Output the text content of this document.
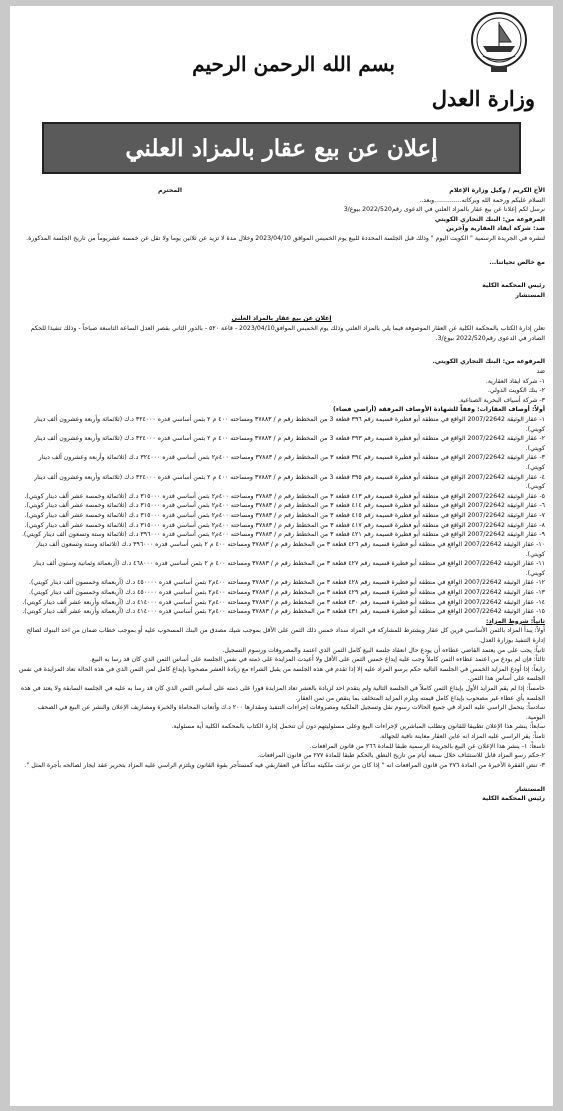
بسم الله الرحمن الرحيم
وزارة العدل
إعلان عن بيع عقار بالمزاد العلني

الأخ الكريم / وكيل وزارة الإعلام

المحترم

السلام عليكم ورحمة الله وبركاته..............وبعد..

نرسل لكم إعلانا عن بيع عقار بالمزاد العلني في الدعوى رقم2022/520 بيوع/3

المرفوعة من: البنك التجاري الكويتي

ضد: شركة ايفاد العقارية وآخرين

لنشره في الجريدة الرسمية " الكويت اليوم " وذلك قبل الجلسة المحددة للبيع يوم الخميس الموافق 2023/04/10 وخلال مدة لا تزيد عن ثلاثين يوما ولا تقل عن خمسة عشريوماً من تاريخ الجلسة المذكورة.

مع خالص تحياتنا...

رئيس المحكمة الكلية

المستشار

إعلان عن بيع عقار بالمزاد العلني

تعلن إدارة الكتاب بالمحكمة الكلية عن العقار الموصوفة فيما يلي بالمزاد العلني وذلك يوم الخميس الموافق2023/04/10 - قاعة ٥٢٠ - بالدور الثاني بقصر العدل الساعة التاسعة صباحاً - وذلك تنفيذا للحكم الصادر في الدعوى رقم2022/520 بيوع/3.

المرفوعة من: البنك التجاري الكويتي.

ضد

١- شركة ايفاد العقارية.

٢- بنك الكويت الدولي.

٣- شركة أسياف البحرية الصناعية.

أولاً: أوصاف العقارات: وفقاً للشهادة الأوصاف المرفقة (أراضي فضاء)

١- عقار الوثيقة 2007/22642 الواقع في منطقة أبو فطيرة قسيمة رقم ٣٩٦ قطعة 3 من المخطط رقم م / ٣٧٨٨٣ ومساحته ٤٠٠ م ٢ بثمن أساسي قدره ٣٢٤٠٠٠ د.ك (ثلاثمائة وأربعة وعشرون ألف دينار كويتي).

٢- عقار الوثيقة 2007/22642 الواقع في منطقة أبو فطيرة قسيمة رقم ٣٩٣ قطعة 3 من المخطط رقم م / ٣٧٨٨٣ ومساحته ٤٠٠ م ٢ بثمن أساسي قدره ٣٢٤٠٠٠ د.ك (ثلاثمائة وأربعة وعشرون ألف دينار كويتي).

٣- عقار الوثيقة 2007/22642 الواقع في منطقة أبو فطيرة قسيمة رقم ٣٩٤ قطعة ٣ من المخطط رقم م / ٣٧٨٨٣ ومساحته ٤٠٠م٢ بثمن أساسي قدره ٣٢٤٠٠٠ د.ك (ثلاثمائة وأربعة وعشرون ألف دينار كويتي).

٤- عقار الوثيقة 2007/22642 الواقع في منطقة أبو فطيرة قسيمة رقم ٣٩٥ قطعة 3 من المخطط رقم م / ٣٧٨٨٣ ومساحته ٤٠٠ م ٢ بثمن أساسي قدره ٣٢٤٠٠٠ د.ك (ثلاثمائة وأربعة وعشرون ألف دينار كويتي).

٥- عقار الوثيقة 2007/22642 الواقع في منطقة أبو فطيرة قسيمة رقم ٤١٣ قطعة ٣ من المخطط رقم م / ٣٧٨٨٣ ومساحته ٤٠٠م٢ بثمن أساسي قدره ٣١٥٠٠٠ د.ك (ثلاثمائة وخمسة عشر ألف دينار كويتي).

٦- عقار الوثيقة 2007/22642 الواقع في منطقة أبو فطيرة قسيمة رقم ٤١٤ قطعة ٣ من المخطط رقم م / ٣٧٨٨٣ ومساحته ٤٠٠م٢ بثمن أساسي قدره ٣١٥٠٠٠ د.ك (ثلاثمائة وخمسة عشر ألف دينار كويتي).

٧- عقار الوثيقة 2007/22642 الواقع في منطقة أبو فطيرة قسيمة رقم ٤١٥ قطعة ٣ من المخطط رقم م / ٣٧٨٨٣ ومساحته ٤٠٠م٢ بثمن أساسي قدره ٣١٥٠٠٠ د.ك (ثلاثمائة وخمسة عشر ألف دينار كويتي).

٨- عقار الوثيقة 2007/22642 الواقع في منطقة أبو فطيرة قسيمة رقم ٤١٧ قطعة ٣ من المخطط رقم م / ٣٧٨٨٣ ومساحته ٤٠٠م٢ بثمن أساسي قدره ٣١٥٠٠٠ د.ك (ثلاثمائة وخمسة عشر ألف دينار كويتي).

٩- عقار الوثيقة 2007/22642 الواقع في منطقة أبو فطيرة قسيمة رقم ٤٢١ قطعة ٣ من المخطط رقم م / ٣٧٨٨٣ ومساحته ٤٠٠م٢ بثمن أساسي قدره ٣٩٦٠٠٠ د.ك (ثلاثمائة وستة وتسعون ألف دينار كويتي).

١٠- عقار الوثيقة 2007/22642 الواقع في منطقة أبو فطيرة قسيمة رقم ٤٢٦ قطعة ٣ من المخطط رقم م / ٣٧٨٨٣ ومساحته ٤٠٠ م ٢ بثمن أساسي قدره ٣٩٦٠٠٠ د.ك (ثلاثمائة وستة وتسعون ألف دينار كويتي).

١١- عقار الوثيقة 2007/22642 الواقع في منطقة أبو فطيرة قسيمة رقم ٤٢٧ قطعة ٣ من المخطط رقم م / ٣٧٨٨٣ ومساحته ٤٠٠ م ٢ بثمن أساسي قدره ٤٦٨٠٠٠ د.ك (أربعمائة وثمانية وستون ألف دينار كويتي).

١٢- عقار الوثيقة 2007/22642 الواقع في منطقة أبو فطيرة قسيمة رقم ٤٢٨ قطعة ٣ من المخطط رقم م / ٣٧٨٨٣ ومساحته ٤٠٠م٢ بثمن أساسي قدره ٤٥٠٠٠٠ د.ك (أربعمائة وخمسون ألف دينار كويتي).

١٣- عقار الوثيقة 2007/22642 الواقع في منطقة أبو فطيرة قسيمة رقم ٤٢٩ قطعة ٣ من المخطط رقم م / ٣٧٨٨٣ ومساحته ٤٠٠م٢ بثمن أساسي قدره ٤٥٠٠٠٠ د.ك (أربعمائة وخمسون ألف دينار كويتي).

١٤- عقار الوثيقة 2007/22642 الواقع في منطقة أبو فطيرة قسيمة رقم ٤٣٠ قطعة ٣ من المخطط رقم م / ٣٧٨٨٣ ومساحته ٤٠٠م٢ بثمن أساسي قدره ٤١٤٠٠٠ د.ك (أربعمائة وأربعة عشر ألف دينار كويتي).

١٥- عقار الوثيقة 2007/22642 الواقع في منطقة أبو فطيرة قسيمة رقم ٤٣١ قطعة ٣ من المخطط رقم م / ٣٧٨٨٣ ومساحته ٤٠٠م٢ بثمن أساسي قدره ٤١٤٠٠٠ د.ك (أربعمائة وأربعة عشر ألف دينار كويتي).

ثانياً: شروط المزاد:

أولاً: يبدأ المزاد بالثمن الأساسي قرين كل عقار ويشترط للمشاركة في المزاد سداد خمس ذلك الثمن على الأقل بموجب شيك مصدق من البنك المسحوب عليه أو بموجب خطاب ضمان من احد البنوك لصالح إدارة التنفيذ بوزارة العدل.

ثانياً: يجب على من يعتمد القاضي عطاءه أن يودع حال انعقاد جلسة البيع كامل الثمن الذي اعتمد والمصروفات ورسوم التسجيل.

ثالثاً: فإن لم يودع من اعتمد عطاءه الثمن كاملاً وجب عليه إيداع خمس الثمن على الأقل ولا أعيدت المزايدة على ذمته في نفس الجلسة على أساس الثمن الذي كان قد رسا به البيع.

رابعاً: إذا أودع المزايد الخمس في الجلسة التالية حكم برسو المزاد عليه إلا إذا تقدم في هذه الجلسة من يقبل الشراء مع زيادة العشر مصحوبا بإيداع كامل لمن الثمن الذي في هذه الحالة تعاد المزايدة في نفس الجلسة على أساس هذا الثمن.

خامساً: إذا لم يقم المزايد الأول بإيداع الثمن كاملاً في الجلسة التالية ولم يتقدم احد لزيادة بالعشر تعاد المزايدة فورا على ذمته على أساس الثمن الذي كان قد رسا به عليه في الجلسة السابقة ولا يعتد في هذه الجلسة بأي عطاء غير مصحوب بإيداع كامل قيمته ويلزم المزايد المتخلف بما ينقص من ثمن العقار.

سادساً: يتحمل الراسي عليه المزاد في جميع الحالات رسوم نقل وتسجيل الملكية ومصروفات إجراءات التنفيذ ومقدارها ٢٠٠ د.ك وأتعاب المحاماة والخبرة ومصاريف الإعلان والنشر عن البيع في الصحف اليومية.

سابعاً: ينشر هذا الإعلان تطبيقا للقانون وتطلب المباشرين لإجراءات البيع وعلى مسئوليتهم دون أن تتحمل إدارة الكتاب بالمحكمة الكلية أية مسئولية.

ثامناً: يقر الراسي عليه المزاد انه عاين العقار معاينة نافية للجهالة.

تاسعاً: ١- ينشر هذا الإعلان عن البيع بالجريدة الرسمية طبقا للمادة ٢٦٦ من قانون المرافعات.

٢-حكم رسو المزاد قابل للاستئناف خلال سبعة أيام من تاريخ النطق بالحكم طبقا للمادة ٢٧٧ من قانون المرافعات.

٣- تنص الفقرة الأخيرة من المادة ٢٧٦ من قانون المرافعات انه " إذا كان من نزعت ملكيته ساكناً في العقاربقي فيه كمستأجر بقوة القانون ويلتزم الراسي عليه المزاد بتحرير عقد ايجار لصالحه بأجرة المثل ".

المستشار

رئيس المحكمة الكلية
